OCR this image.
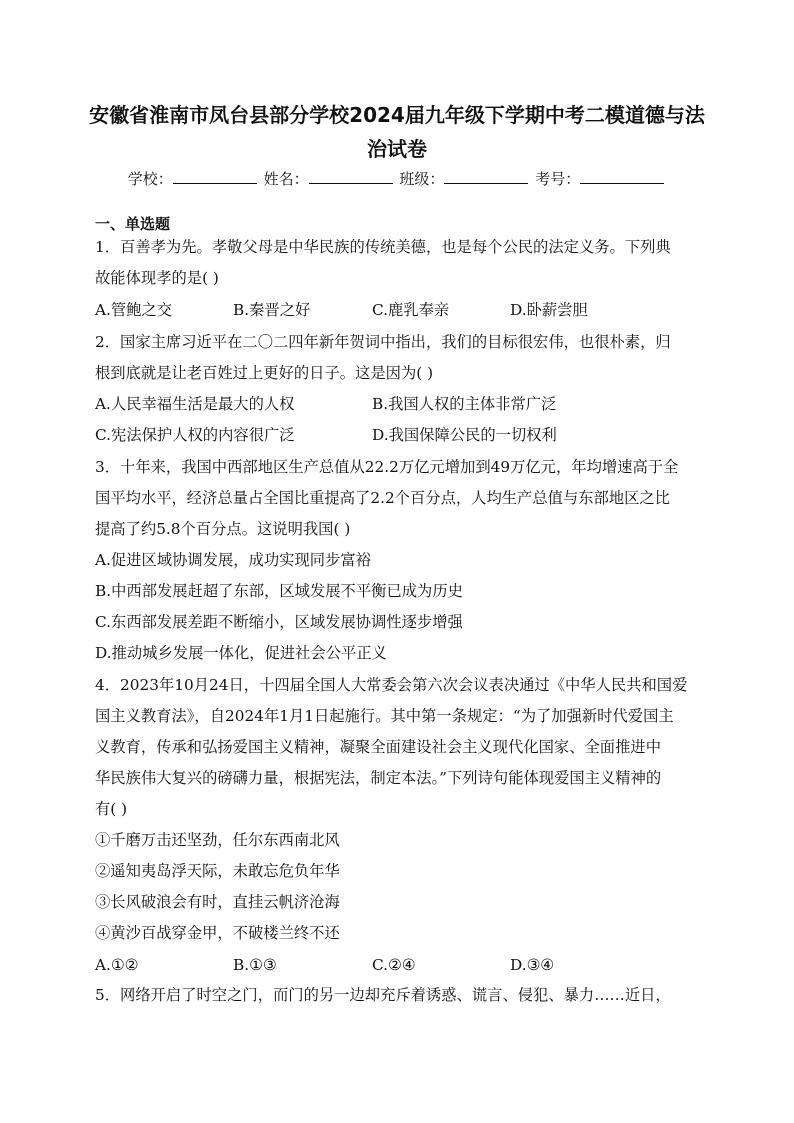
安徽省淮南市凤台县部分学校2024届九年级下学期中考二模道德与法
治试卷
学校：	姓名：	班级：	考号：
一、单选题
1．百善孝为先。孝敬父母是中华民族的传统美德，也是每个公民的法定义务。下列典
故能体现孝的是( )
A.管鲍之交	B.秦晋之好	C.鹿乳奉亲	D.卧薪尝胆
2．国家主席习近平在二〇二四年新年贺词中指出，我们的目标很宏伟，也很朴素，归
根到底就是让老百姓过上更好的日子。这是因为( )
A.人民幸福生活是最大的人权	B.我国人权的主体非常广泛
C.宪法保护人权的内容很广泛	D.我国保障公民的一切权利
3．十年来，我国中西部地区生产总值从22.2万亿元增加到49万亿元，年均增速高于全
国平均水平，经济总量占全国比重提高了2.2个百分点，人均生产总值与东部地区之比
提高了约5.8个百分点。这说明我国( )
A.促进区域协调发展，成功实现同步富裕
B.中西部发展赶超了东部，区域发展不平衡已成为历史
C.东西部发展差距不断缩小，区域发展协调性逐步增强
D.推动城乡发展一体化，促进社会公平正义
4．2023年10月24日，十四届全国人大常委会第六次会议表决通过《中华人民共和国爱
国主义教育法》，自2024年1月1日起施行。其中第一条规定：“为了加强新时代爱国主
义教育，传承和弘扬爱国主义精神，凝聚全面建设社会主义现代化国家、全面推进中
华民族伟大复兴的磅礴力量，根据宪法，制定本法。”下列诗句能体现爱国主义精神的
有( )
①千磨万击还坚劲，任尔东西南北风
②遥知夷岛浮天际，未敢忘危负年华
③长风破浪会有时，直挂云帆济沧海
④黄沙百战穿金甲，不破楼兰终不还
A.①②	B.①③	C.②④	D.③④
5．网络开启了时空之门，而门的另一边却充斥着诱惑、谎言、侵犯、暴力……近日，
